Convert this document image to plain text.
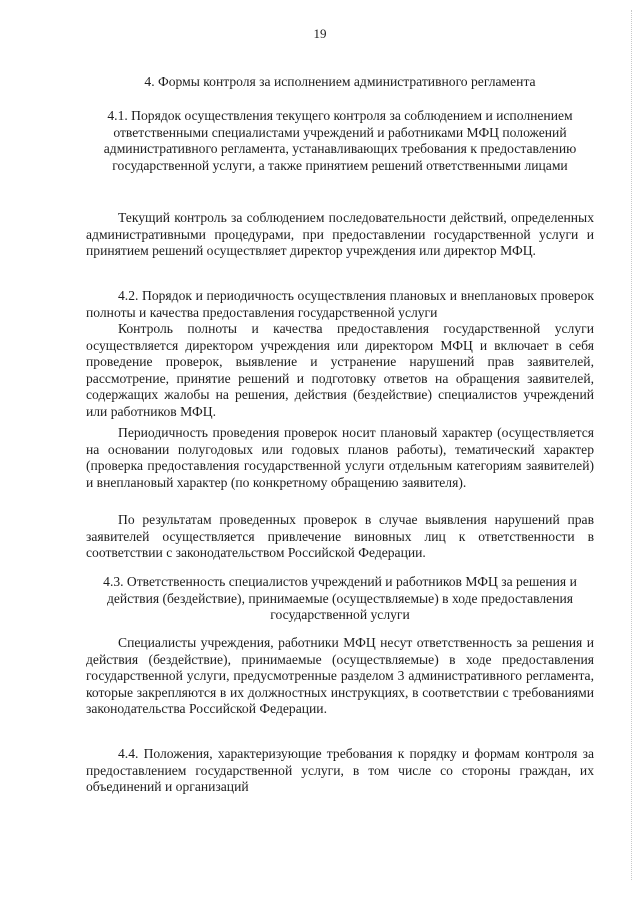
19
4. Формы контроля за исполнением административного регламента
4.1. Порядок осуществления текущего контроля за соблюдением и исполнением ответственными специалистами учреждений и работниками МФЦ положений административного регламента, устанавливающих требования к предоставлению государственной услуги, а также принятием решений ответственными лицами

Текущий контроль за соблюдением последовательности действий, определенных административными процедурами, при предоставлении государственной услуги и принятием решений осуществляет директор учреждения или директор МФЦ.

4.2. Порядок и периодичность осуществления плановых и внеплановых проверок полноты и качества предоставления государственной услуги

Контроль полноты и качества предоставления государственной услуги осуществляется директором учреждения или директором МФЦ и включает в себя проведение проверок, выявление и устранение нарушений прав заявителей, рассмотрение, принятие решений и подготовку ответов на обращения заявителей, содержащих жалобы на решения, действия (бездействие) специалистов учреждений или работников МФЦ.

Периодичность проведения проверок носит плановый характер (осуществляется на основании полугодовых или годовых планов работы), тематический характер (проверка предоставления государственной услуги отдельным категориям заявителей) и внеплановый характер (по конкретному обращению заявителя).

По результатам проведенных проверок в случае выявления нарушений прав заявителей осуществляется привлечение виновных лиц к ответственности в соответствии с законодательством Российской Федерации.

4.3. Ответственность специалистов учреждений и работников МФЦ за решения и действия (бездействие), принимаемые (осуществляемые) в ходе предоставления государственной услуги

Специалисты учреждения, работники МФЦ несут ответственность за решения и действия (бездействие), принимаемые (осуществляемые) в ходе предоставления государственной услуги, предусмотренные разделом 3 административного регламента, которые закрепляются в их должностных инструкциях, в соответствии с требованиями законодательства Российской Федерации.

4.4. Положения, характеризующие требования к порядку и формам контроля за предоставлением государственной услуги, в том числе со стороны граждан, их объединений и организаций
